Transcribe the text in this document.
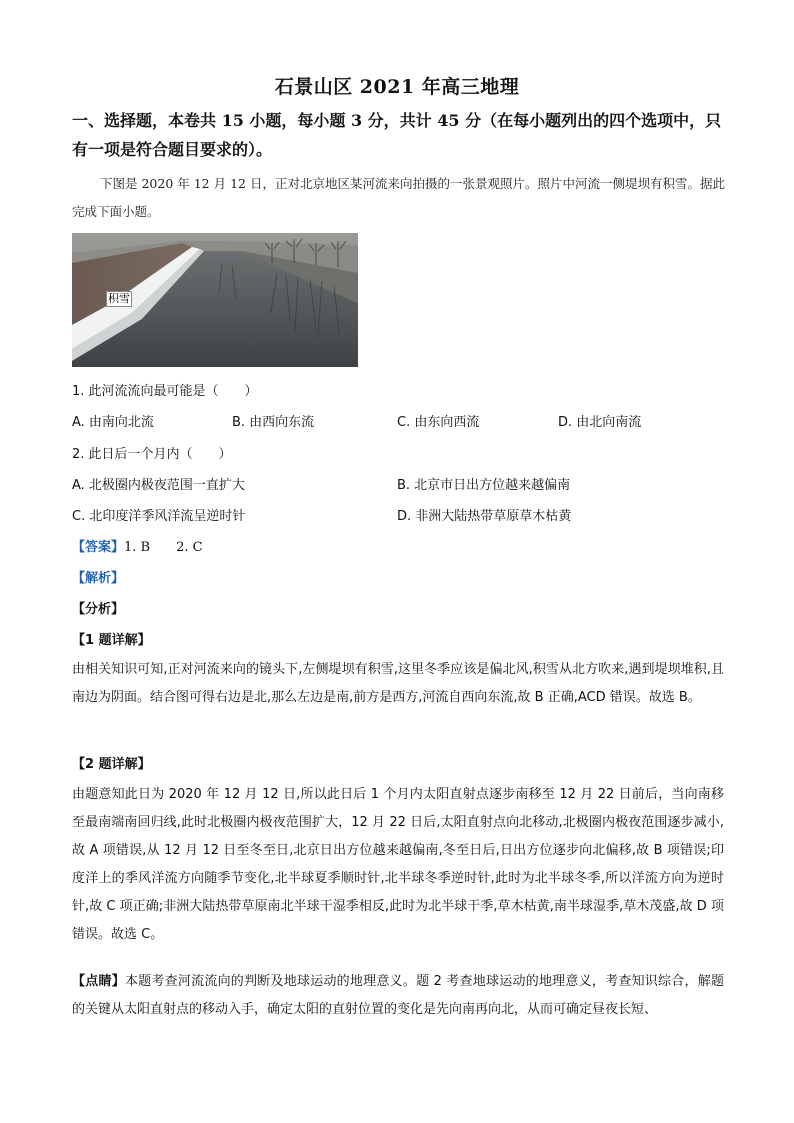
石景山区 2021 年高三地理
一、选择题，本卷共 15 小题，每小题 3 分，共计 45 分（在每小题列出的四个选项中，只有一项是符合题目要求的）。
下图是 2020 年 12 月 12 日，正对北京地区某河流来向拍摄的一张景观照片。照片中河流一侧堤坝有积雪。据此完成下面小题。
积雪
1. 此河流流向最可能是（　　）
A. 由南向北流	B. 由西向东流	C. 由东向西流	D. 由北向南流
2. 此日后一个月内（　　）
A. 北极圈内极夜范围一直扩大	B. 北京市日出方位越来越偏南
C. 北印度洋季风洋流呈逆时针	D. 非洲大陆热带草原草木枯黄
【答案】1. B　　2. C
【解析】
【分析】
【1 题详解】
由相关知识可知,正对河流来向的镜头下,左侧堤坝有积雪,这里冬季应该是偏北风,积雪从北方吹来,遇到堤坝堆积,且南边为阴面。结合图可得右边是北,那么左边是南,前方是西方,河流自西向东流,故 B 正确,ACD 错误。故选 B。
【2 题详解】
由题意知此日为 2020 年 12 月 12 日,所以此日后 1 个月内太阳直射点逐步南移至 12 月 22 日前后，当向南移至最南端南回归线,此时北极圈内极夜范围扩大，12 月 22 日后,太阳直射点向北移动,北极圈内极夜范围逐步减小,故 A 项错误,从 12 月 12 日至冬至日,北京日出方位越来越偏南,冬至日后,日出方位逐步向北偏移,故 B 项错误;印度洋上的季风洋流方向随季节变化,北半球夏季顺时针,北半球冬季逆时针,此时为北半球冬季,所以洋流方向为逆时针,故 C 项正确;非洲大陆热带草原南北半球干湿季相反,此时为北半球干季,草木枯黄,南半球湿季,草木茂盛,故 D 项错误。故选 C。
【点睛】本题考查河流流向的判断及地球运动的地理意义。题 2 考查地球运动的地理意义，考查知识综合，解题的关键从太阳直射点的移动入手，确定太阳的直射位置的变化是先向南再向北，从而可确定昼夜长短、
